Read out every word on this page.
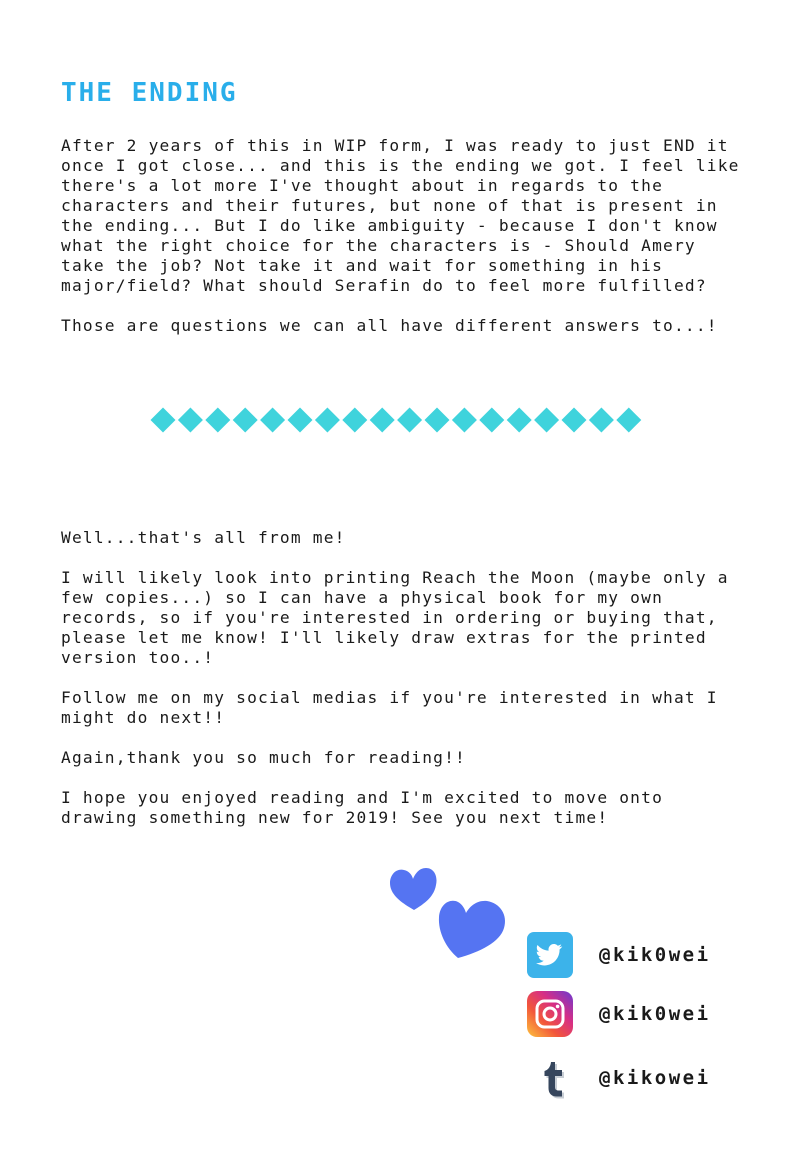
THE ENDING

After 2 years of this in WIP form, I was ready to just END it once I got close... and this is the ending we got. I feel like there's a lot more I've thought about in regards to the characters and their futures, but none of that is present in the ending... But I do like ambiguity - because I don't know what the right choice for the characters is - Should Amery take the job? Not take it and wait for something in his major/field? What should Serafin do to feel more fulfilled?

Those are questions we can all have different answers to...!

Well...that's all from me!

I will likely look into printing Reach the Moon (maybe only a few copies...) so I can have a physical book for my own records, so if you're interested in ordering or buying that, please let me know! I'll likely draw extras for the printed version too..!

Follow me on my social medias if you're interested in what I might do next!!

Again,thank you so much for reading!!

I hope you enjoyed reading and I'm excited to move onto drawing something new for 2019! See you next time!

@kik0wei
@kik0wei
@kikowei
